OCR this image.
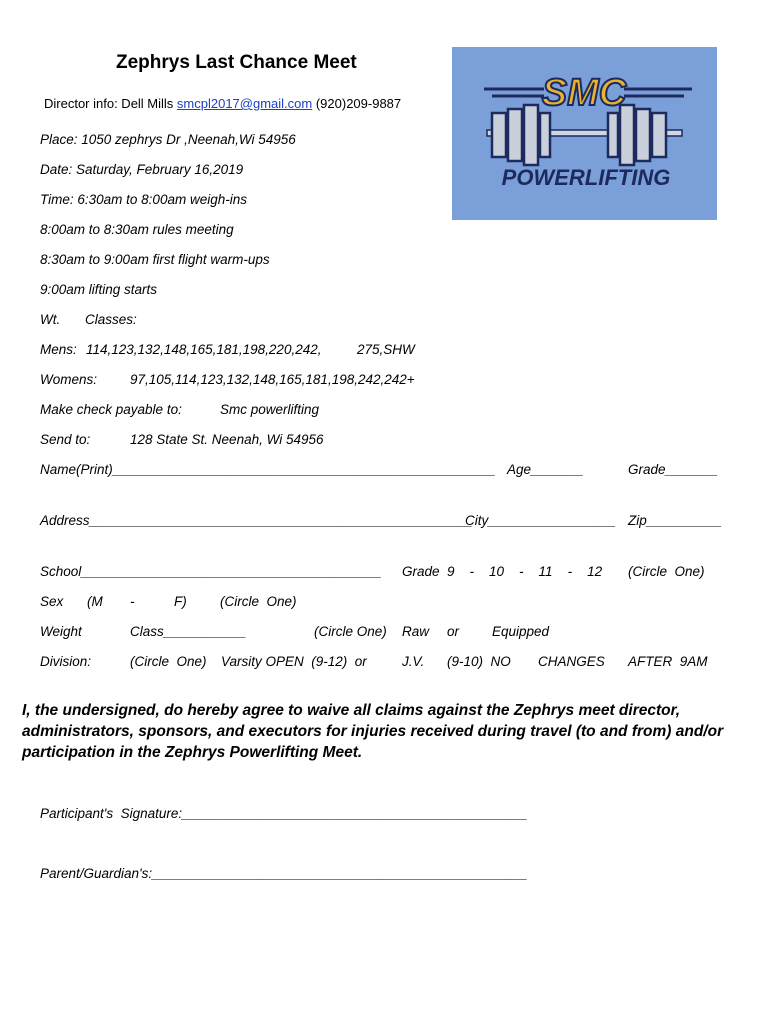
Zephrys Last Chance Meet
Director info: Dell Mills smcpl2017@gmail.com (920)209-9887	SMC
POWERLIFTING
Place: 1050 zephrys Dr ,Neenah,Wi 54956
Date: Saturday, February 16,2019
Time: 6:30am to 8:00am weigh-ins
8:00am to 8:30am rules meeting
8:30am to 9:00am first flight warm-ups
9:00am lifting starts
Wt. Classes:
Mens: 114,123,132,148,165,181,198,220,242,	275,SHW
Womens: 97,105,114,123,132,148,165,181,198,242,242+
Make check payable to:	Smc powerlifting
Send to:	128 State St. Neenah, Wi 54956
Name(Print)___________________________________________________ Age_______	Grade_______
Address___________________________________________________
City_________________ Zip__________
School________________________________________ Grade  9    -    10    -    11    -    12 (Circle  One)
Sex (M -	F) (Circle  One)
Weight	Class___________	(Circle One) Raw or Equipped
Division:	(Circle  One) Varsity OPEN  (9-12)  or	J.V. (9-10)  NO CHANGES AFTER  9AM
I, the undersigned, do hereby agree to waive all claims against the Zephrys meet director, administrators, sponsors, and executors for injuries received during travel (to and from) and/or participation in the Zephrys Powerlifting Meet.
Participant's  Signature:______________________________________________
Parent/Guardian's:__________________________________________________
